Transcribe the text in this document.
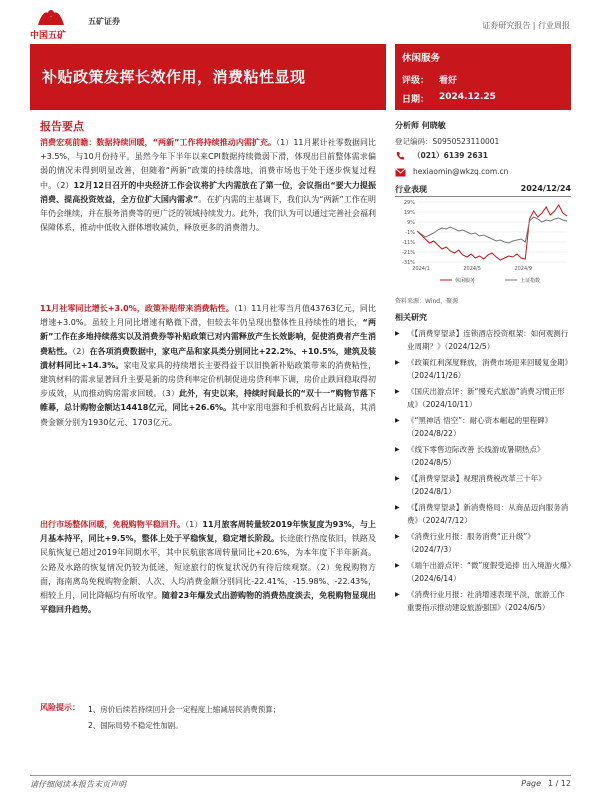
中国五矿
五矿证券	证券研究报告 | 行业周报
补贴政策发挥长效作用，消费粘性显现
休闲服务
评级： 看好
日期： 2024.12.25
报告要点
消费宏观前瞻：数据持续回暖，“两新”工作将持续推动内需扩充。（1）11月累计社零数据同比+3.5%，与10月份持平。虽然今年下半年以来CPI数据持续微弱下滑，体现出目前整体需求偏弱的情况未得到明显改善，但随着“两新”政策的持续落地，消费市场也于处于逐步恢复过程中。（2）12月12日召开的中央经济工作会议将扩大内需放在了第一位，会议指出“要大力提振消费、提高投资效益，全方位扩大国内需求”。在扩内需的主基调下，我们认为“两新”工作在明年仍会继续，并在服务消费等的更广泛的领域持续发力。此外，我们认为可以通过完善社会福利保障体系，推动中低收入群体增收减负，释放更多的消费潜力。
11月社零同比增长+3.0%，政策补贴带来消费粘性。（1）11月社零当月值43763亿元，同比增速+3.0%。虽较上月同比增速有略微下滑，但较去年仍呈现出整体性且持续性的增长，“两新”工作在多地持续落实以及消费券等补贴政策已对内需释放产生长效影响，促使消费者产生消费粘性。（2）在各项消费数据中，家电产品和家具类分别同比+22.2%、+10.5%，建筑及装潢材料同比+14.3%。家电及家具的持续增长主要得益于以旧换新补贴政策带来的消费粘性，建筑材料的需求显著回升主要是新的房贷利率定价机制促进房贷利率下调，房价止跌回稳取得初步成效，从而推动购房需求回暖。（3）此外，有史以来，持续时间最长的“双十一”购物节落下帷幕，总计购物金额达14418亿元，同比+26.6%。其中家用电器和手机数码占比最高，其消费金额分别为1930亿元、1703亿元。
出行市场整体回暖，免税购物平稳回升。（1）11月旅客周转量较2019年恢复度为93%，与上月基本持平，同比+9.5%，整体上处于平稳恢复，稳定增长阶段。长途旅行热度依旧，铁路及民航恢复已超过2019年同期水平，其中民航旅客周转量同比+20.6%，为本年度下半年新高。公路及水路的恢复情况仍较为低迷，短途旅行的恢复状况仍有待后续观察。（2）免税购物方面，海南离岛免税购物金额、人次、人均消费金额分别同比-22.41%、-15.98%、-22.43%，相较上月，同比降幅均有所收窄。随着23年爆发式出游购物的消费热度淡去，免税购物显现出平稳回升趋势。
分析师 何晓敏
登记编码：S0950523110001
（021）6139 2631
hexiaomin@wkzq.com.cn
行业表现	2024/12/24
29%
19%
9%
-1%
-11%
-21%
-31%
2024/1	2024/5	2024/9
休闲服务	上证指数
资料来源：Wind，聚源
相关研究
▶ 《【消费穿望录】连锁酒店投资框架：如何观测行业周期？》（2024/12/5）
▶ 《政策红利深度释放，消费市场迎来回暖复金期》（2024/11/26）
▶ 《国庆出游点评：新“慢充式旅游”消费习惯正形成》（2024/10/11）
▶ 《“黑神话 悟空”：耐心资本崛起的里程碑》（2024/8/22）
▶ 《线下零售边际改善 长线游成暑期热点》（2024/8/5）
▶ 《【消费穿望录】视理消费税改革三十年》（2024/8/1）
▶ 《【消费穿望录】新消费格局：从商品迈向服务消费》（2024/7/12）
▶ 《消费行业月报：服务消费“正升级”》（2024/7/3）
▶ 《端午出游点评：“微”度假受追捧 出入境游火爆》（2024/6/14）
▶ 《消费行业月报：社消增速表现平淡，旅游工作重要指示推动建设旅游强国》（2024/6/5）
风险提示： 1、房价后续若持续回升会一定程度上缩减居民消费预算；
2、国际局势不稳定性加剧。
请仔细阅读本报告末页声明	Page 1 / 12
